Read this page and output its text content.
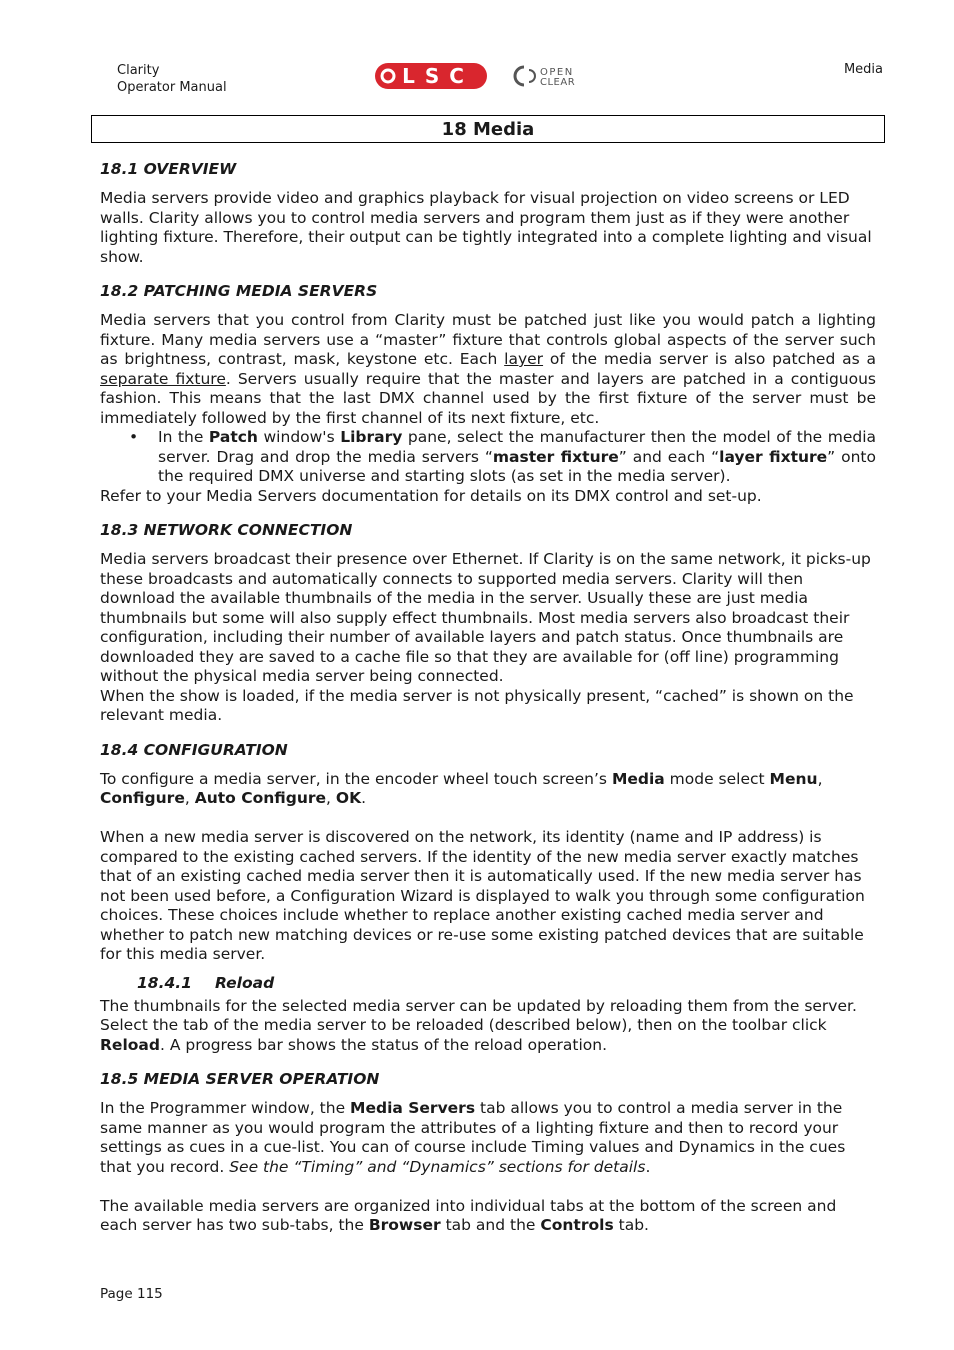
Clarity
Operator Manual	LSC	OPEN
CLEAR
Media
18 Media
18.1 OVERVIEW

Media servers provide video and graphics playback for visual projection on video screens or LED walls. Clarity allows you to control media servers and program them just as if they were another lighting fixture. Therefore, their output can be tightly integrated into a complete lighting and visual show.

18.2 PATCHING MEDIA SERVERS

Media servers that you control from Clarity must be patched just like you would patch a lighting fixture. Many media servers use a “master” fixture that controls global aspects of the server such as brightness, contrast, mask, keystone etc. Each layer of the media server is also patched as a separate fixture. Servers usually require that the master and layers are patched in a contiguous fashion. This means that the last DMX channel used by the first fixture of the server must be immediately followed by the first channel of its next fixture, etc.

• In the Patch window's Library pane, select the manufacturer then the model of the media server. Drag and drop the media servers “master fixture” and each “layer fixture” onto the required DMX universe and starting slots (as set in the media server).

Refer to your Media Servers documentation for details on its DMX control and set-up.

18.3 NETWORK CONNECTION

Media servers broadcast their presence over Ethernet. If Clarity is on the same network, it picks-up these broadcasts and automatically connects to supported media servers. Clarity will then download the available thumbnails of the media in the server. Usually these are just media thumbnails but some will also supply effect thumbnails. Most media servers also broadcast their configuration, including their number of available layers and patch status. Once thumbnails are downloaded they are saved to a cache file so that they are available for (off line) programming without the physical media server being connected.

When the show is loaded, if the media server is not physically present, “cached” is shown on the relevant media.

18.4 CONFIGURATION

To configure a media server, in the encoder wheel touch screen’s Media mode select Menu, Configure, Auto Configure, OK.

When a new media server is discovered on the network, its identity (name and IP address) is compared to the existing cached servers. If the identity of the new media server exactly matches that of an existing cached media server then it is automatically used. If the new media server has not been used before, a Configuration Wizard is displayed to walk you through some configuration choices. These choices include whether to replace another existing cached media server and whether to patch new matching devices or re-use some existing patched devices that are suitable for this media server.

18.4.1 Reload

The thumbnails for the selected media server can be updated by reloading them from the server. Select the tab of the media server to be reloaded (described below), then on the toolbar click Reload. A progress bar shows the status of the reload operation.

18.5 MEDIA SERVER OPERATION

In the Programmer window, the Media Servers tab allows you to control a media server in the same manner as you would program the attributes of a lighting fixture and then to record your settings as cues in a cue-list. You can of course include Timing values and Dynamics in the cues that you record. See the “Timing” and “Dynamics” sections for details.

The available media servers are organized into individual tabs at the bottom of the screen and each server has two sub-tabs, the Browser tab and the Controls tab.

Page 115
